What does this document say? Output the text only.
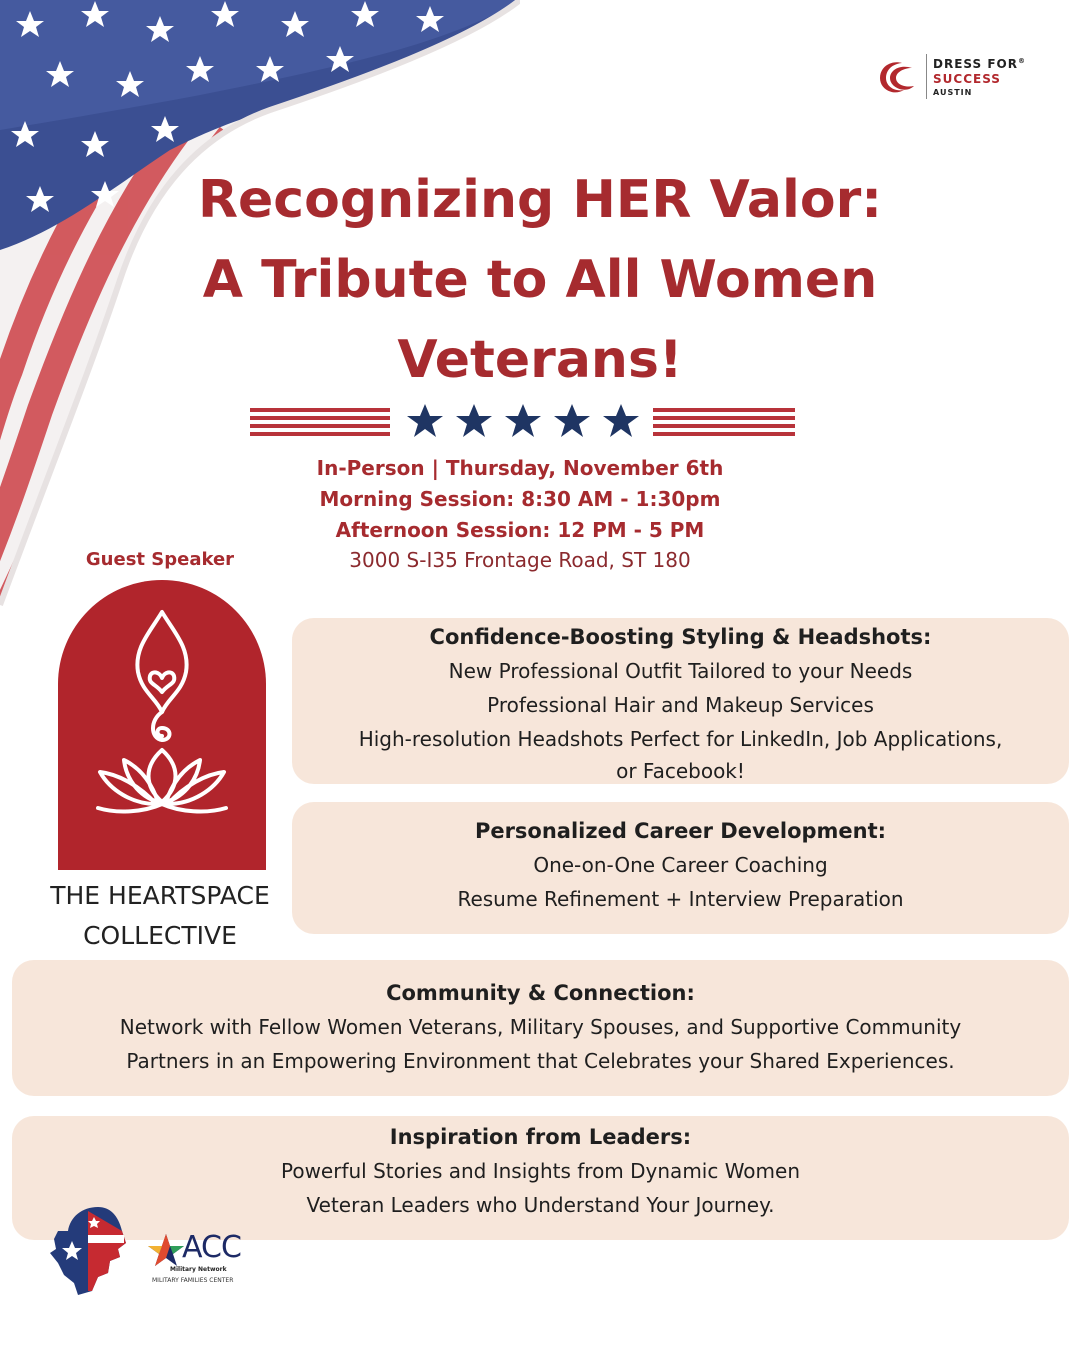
DRESS FOR®
SUCCESS
AUSTIN
Recognizing HER Valor:
A Tribute to All Women
Veterans!
In-Person | Thursday, November 6th
Morning Session: 8:30 AM - 1:30pm
Afternoon Session: 12 PM - 5 PM
3000 S-I35 Frontage Road, ST 180
Guest Speaker
THE HEARTSPACE
COLLECTIVE
Confidence-Boosting Styling & Headshots:
New Professional Outfit Tailored to your Needs
Professional Hair and Makeup Services
High-resolution Headshots Perfect for LinkedIn, Job Applications,
or Facebook!
Personalized Career Development:
One-on-One Career Coaching
Resume Refinement + Interview Preparation
Community & Connection:
Network with Fellow Women Veterans, Military Spouses, and Supportive Community
Partners in an Empowering Environment that Celebrates your Shared Experiences.
Inspiration from Leaders:
Powerful Stories and Insights from Dynamic Women
Veteran Leaders who Understand Your Journey.
ACC
Military Network
MILITARY FAMILIES CENTER
